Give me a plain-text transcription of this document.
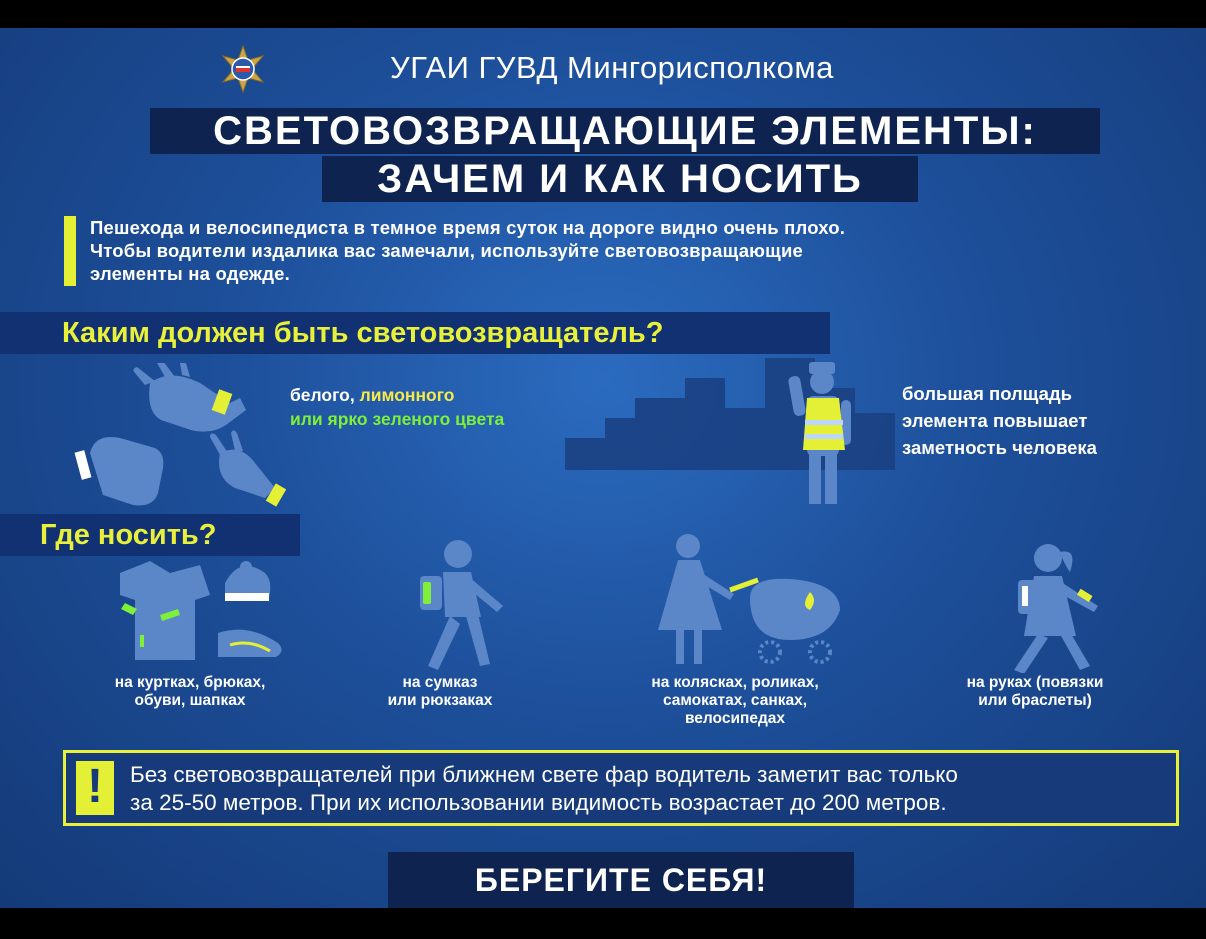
УГАИ ГУВД Мингорисполкома
СВЕТОВОЗВРАЩАЮЩИЕ ЭЛЕМЕНТЫ:
ЗАЧЕМ И КАК НОСИТЬ
Пешехода и велосипедиста в темное время суток на дороге видно очень плохо.
Чтобы водители издалика вас замечали, используйте световозвращающие
элементы на одежде.
Каким должен быть световозвращатель?
белого, лимонного
или ярко зеленого цвета
большая полщадь
элемента повышает
заметность человека
Где носить?
на куртках, брюках,
обуви, шапках
на сумказ
или рюкзаках
на колясках, роликах,
самокатах, санках,
велосипедах
на руках (повязки
или браслеты)
!	Без световозвращателей при ближнем свете фар водитель заметит вас только
за 25-50 метров. При их использовании видимость возрастает до 200 метров.
БЕРЕГИТЕ СЕБЯ!
